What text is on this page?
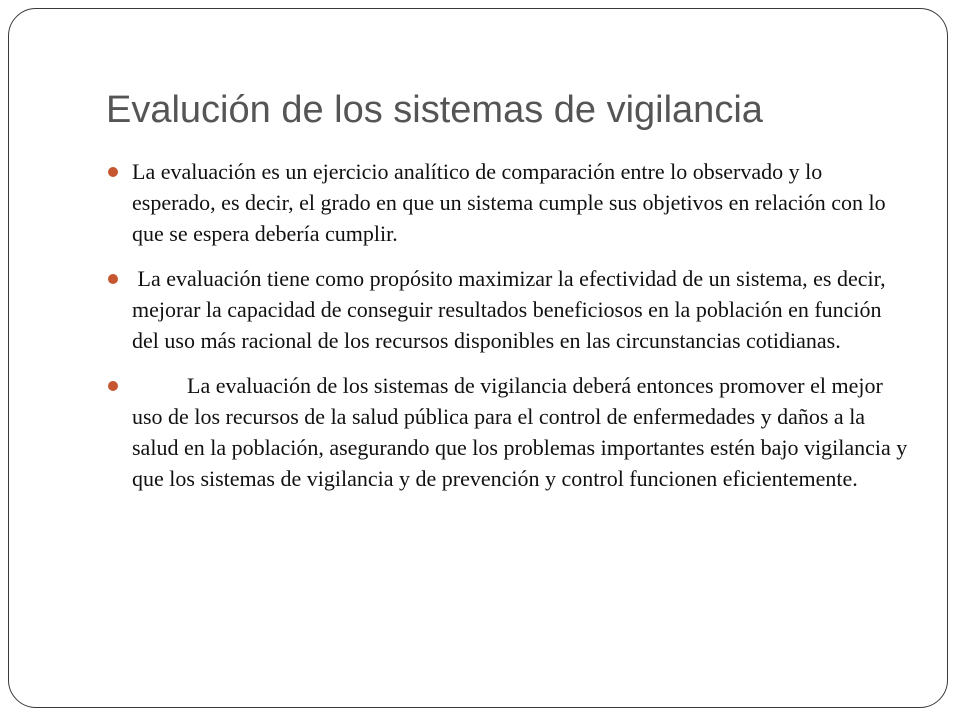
Evalución de los sistemas de vigilancia
La evaluación es un ejercicio analítico de comparación entre lo observado y lo esperado, es decir, el grado en que un sistema cumple sus objetivos en relación con lo que se espera debería cumplir.
La evaluación tiene como propósito maximizar la efectividad de un sistema, es decir, mejorar la capacidad de conseguir resultados beneficiosos en la población en función del uso más racional de los recursos disponibles en las circunstancias cotidianas.
La evaluación de los sistemas de vigilancia deberá entonces promover el mejor uso de los recursos de la salud pública para el control de enfermedades y daños a la salud en la población, asegurando que los problemas importantes estén bajo vigilancia y que los sistemas de vigilancia y de prevención y control funcionen eficientemente.
